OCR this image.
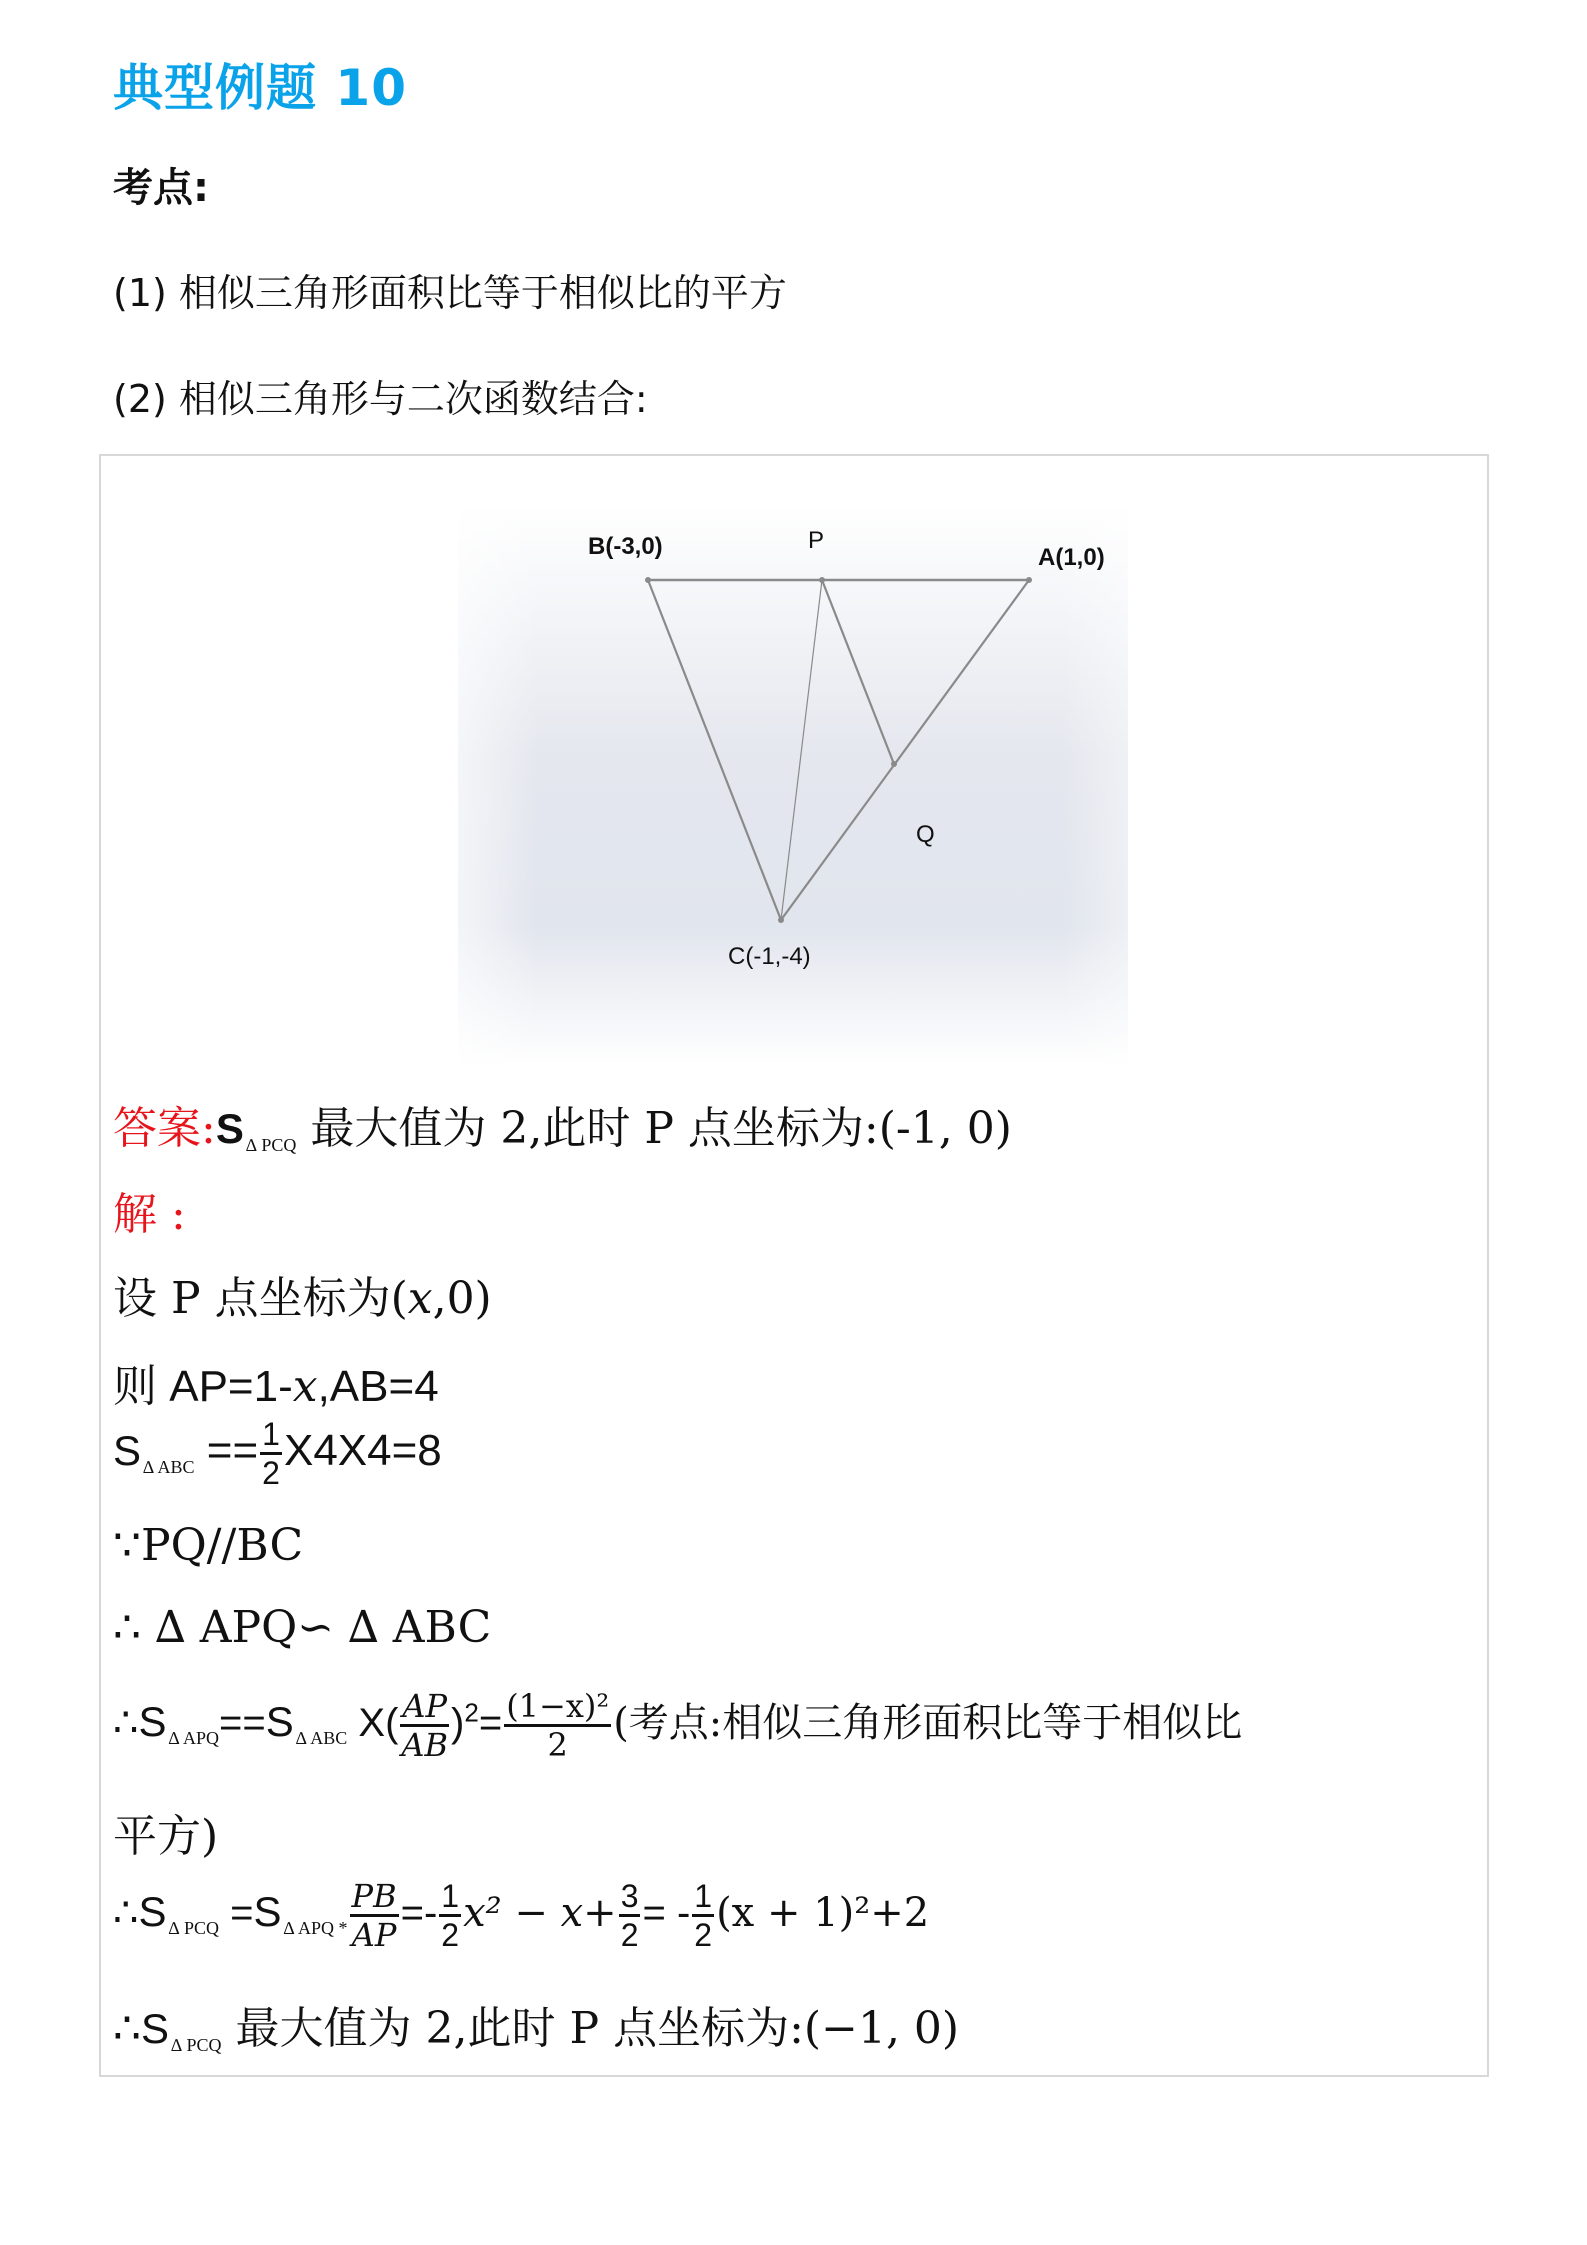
典型例题 10
考点:
(1) 相似三角形面积比等于相似比的平方
(2) 相似三角形与二次函数结合:
B(-3,0)	P
A(1,0)
Q
C(-1,-4)
答案:S $_{\Delta PCQ}$ 最大值为 2,此时 P 点坐标为:(-1, 0)
解 :
设 P 点坐标为(x,0)
则 AP=1-x,AB=4
S $_{\Delta ABC} == \frac{1}{2} X4X4=8$
∵PQ//BC
∴ ∆ APQ∽ ∆ ABC
∴S $_{\Delta APQ}$==S $_{\Delta ABC}$ $X( \frac{AP}{AB} )^2= \frac{\text{(1−x)²}}{2}$ (考点:相似三角形面积比等于相似比
平方)
∴S $_{\Delta PCQ}$ =S $_{\Delta APQ *} \frac{PB}{AP} =- \frac{1}{2} x^2 - x+ \frac{3}{2}$ = - $\frac{1}{2} (x + 1)^2+2$
∴S $_{\Delta PCQ}$ 最大值为 2,此时 P 点坐标为:(−1, 0)
